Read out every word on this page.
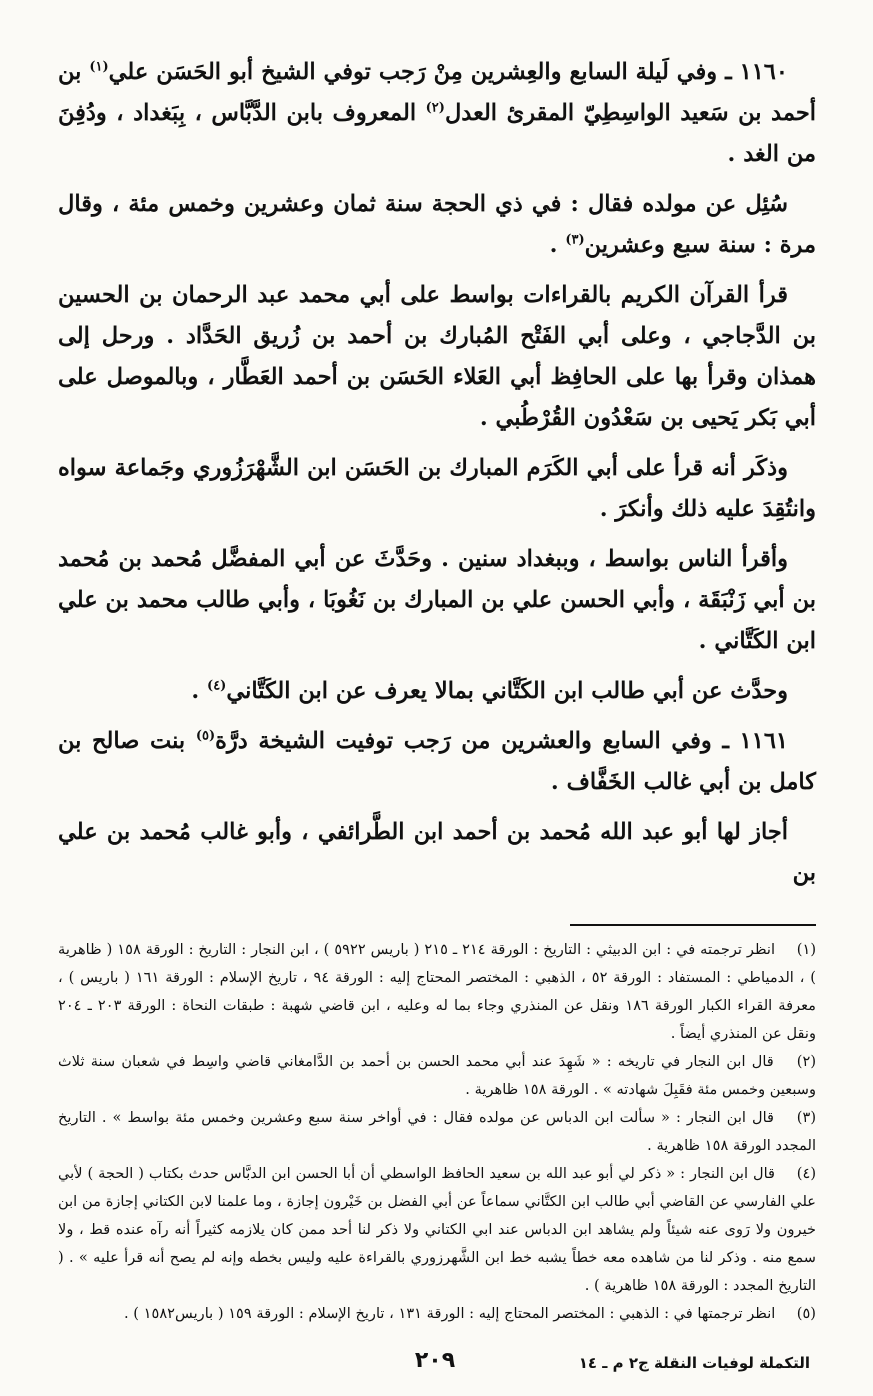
١١٦٠ ـ وفي لَيلة السابع والعِشرين مِنْ رَجب توفي الشيخ أبو الحَسَن علي$^{(١)}$ بن أحمد بن سَعيد الواسِطِيّ المقرئ العدل$^{(٢)}$ المعروف بابن الدَّبَّاس ، بِبَغداد ، ودُفِنَ من الغد .

سُئِل عن مولده فقال : في ذي الحجة سنة ثمان وعشرين وخمس مئة ، وقال مرة : سنة سبع وعشرين$^{(٣)}$ .

قرأ القرآن الكريم بالقراءات بواسط على أبي محمد عبد الرحمان بن الحسين بن الدَّجاجي ، وعلى أبي الفَتْح المُبارك بن أحمد بن زُريق الحَدَّاد . ورحل إلى همذان وقرأ بها على الحافِظ أبي العَلاء الحَسَن بن أحمد العَطَّار ، وبالموصل على أبي بَكر يَحيى بن سَعْدُون القُرْطُبي .

وذكَر أنه قرأ على أبي الكَرَم المبارك بن الحَسَن ابن الشَّهْرَزُوري وجَماعة سواه وانتُقِدَ عليه ذلك وأنكرَ .

وأقرأ الناس بواسط ، وببغداد سنين . وحَدَّثَ عن أبي المفضَّل مُحمد بن مُحمد بن أبي زَنْبَقَة ، وأبي الحسن علي بن المبارك بن نَغُوبَا ، وأبي طالب محمد بن علي ابن الكَتَّاني .

وحدَّث عن أبي طالب ابن الكَتَّاني بمالا يعرف عن ابن الكَتَّاني$^{(٤)}$ .

١١٦١ ـ وفي السابع والعشرين من رَجب توفيت الشيخة درَّة$^{(٥)}$ بنت صالح بن كامل بن أبي غالب الخَفَّاف .

أجاز لها أبو عبد الله مُحمد بن أحمد ابن الطَّرائفي ، وأبو غالب مُحمد بن علي بن

(١) انظر ترجمته في : ابن الدبيثي : التاريخ : الورقة ٢١٤ ـ ٢١٥ ( باريس ٥٩٢٢ ) ، ابن النجار : التاريخ : الورقة ١٥٨ ( ظاهرية ) ، الدمياطي : المستفاد : الورقة ٥٢ ، الذهبي : المختصر المحتاج إليه : الورقة ٩٤ ، تاريخ الإسلام : الورقة ١٦١ ( باريس ) ، معرفة القراء الكبار الورقة ١٨٦ ونقل عن المنذري وجاء بما له وعليه ، ابن قاضي شهبة : طبقات النحاة : الورقة ٢٠٣ ـ ٢٠٤ ونقل عن المنذري أيضاً .
(٢) قال ابن النجار في تاريخه : « شَهِدَ عند أبي محمد الحسن بن أحمد بن الدَّامغاني قاضي واسِط في شعبان سنة ثلاث وسبعين وخمس مئة فقَبِلَ شهادته » . الورقة ١٥٨ ظاهرية .
(٣) قال ابن النجار : « سألت ابن الدباس عن مولده فقال : في أواخر سنة سبع وعشرين وخمس مئة بواسط » . التاريخ المجدد الورقة ١٥٨ ظاهرية .
(٤) قال ابن النجار : « ذكر لي أبو عبد الله بن سعيد الحافظ الواسطي أن أبا الحسن ابن الدبَّاس حدث بكتاب ( الحجة ) لأبي علي الفارسي عن القاضي أبي طالب ابن الكتَّاني سماعاً عن أبي الفضل بن خَيْرون إجازة ، وما علمنا لابن الكتاني إجازة من ابن خيرون ولا رَوى عنه شيئاً ولم يشاهد ابن الدباس عند ابي الكتاني ولا ذكر لنا أحد ممن كان يلازمه كثيراً أنه رآه عنده قط ، ولا سمع منه . وذكر لنا من شاهده معه خطاً يشبه خط ابن الشَّهرزوري بالقراءة عليه وليس بخطه وإنه لم يصح أنه قرأ عليه » . ( التاريخ المجدد : الورقة ١٥٨ ظاهرية ) .
(٥) انظر ترجمتها في : الذهبي : المختصر المحتاج إليه : الورقة ١٣١ ، تاريخ الإسلام : الورقة ١٥٩ ( باريس١٥٨٢ ) .
التكملة لوفيات النقلة ج٢ م ـ ١٤
٢٠٩
